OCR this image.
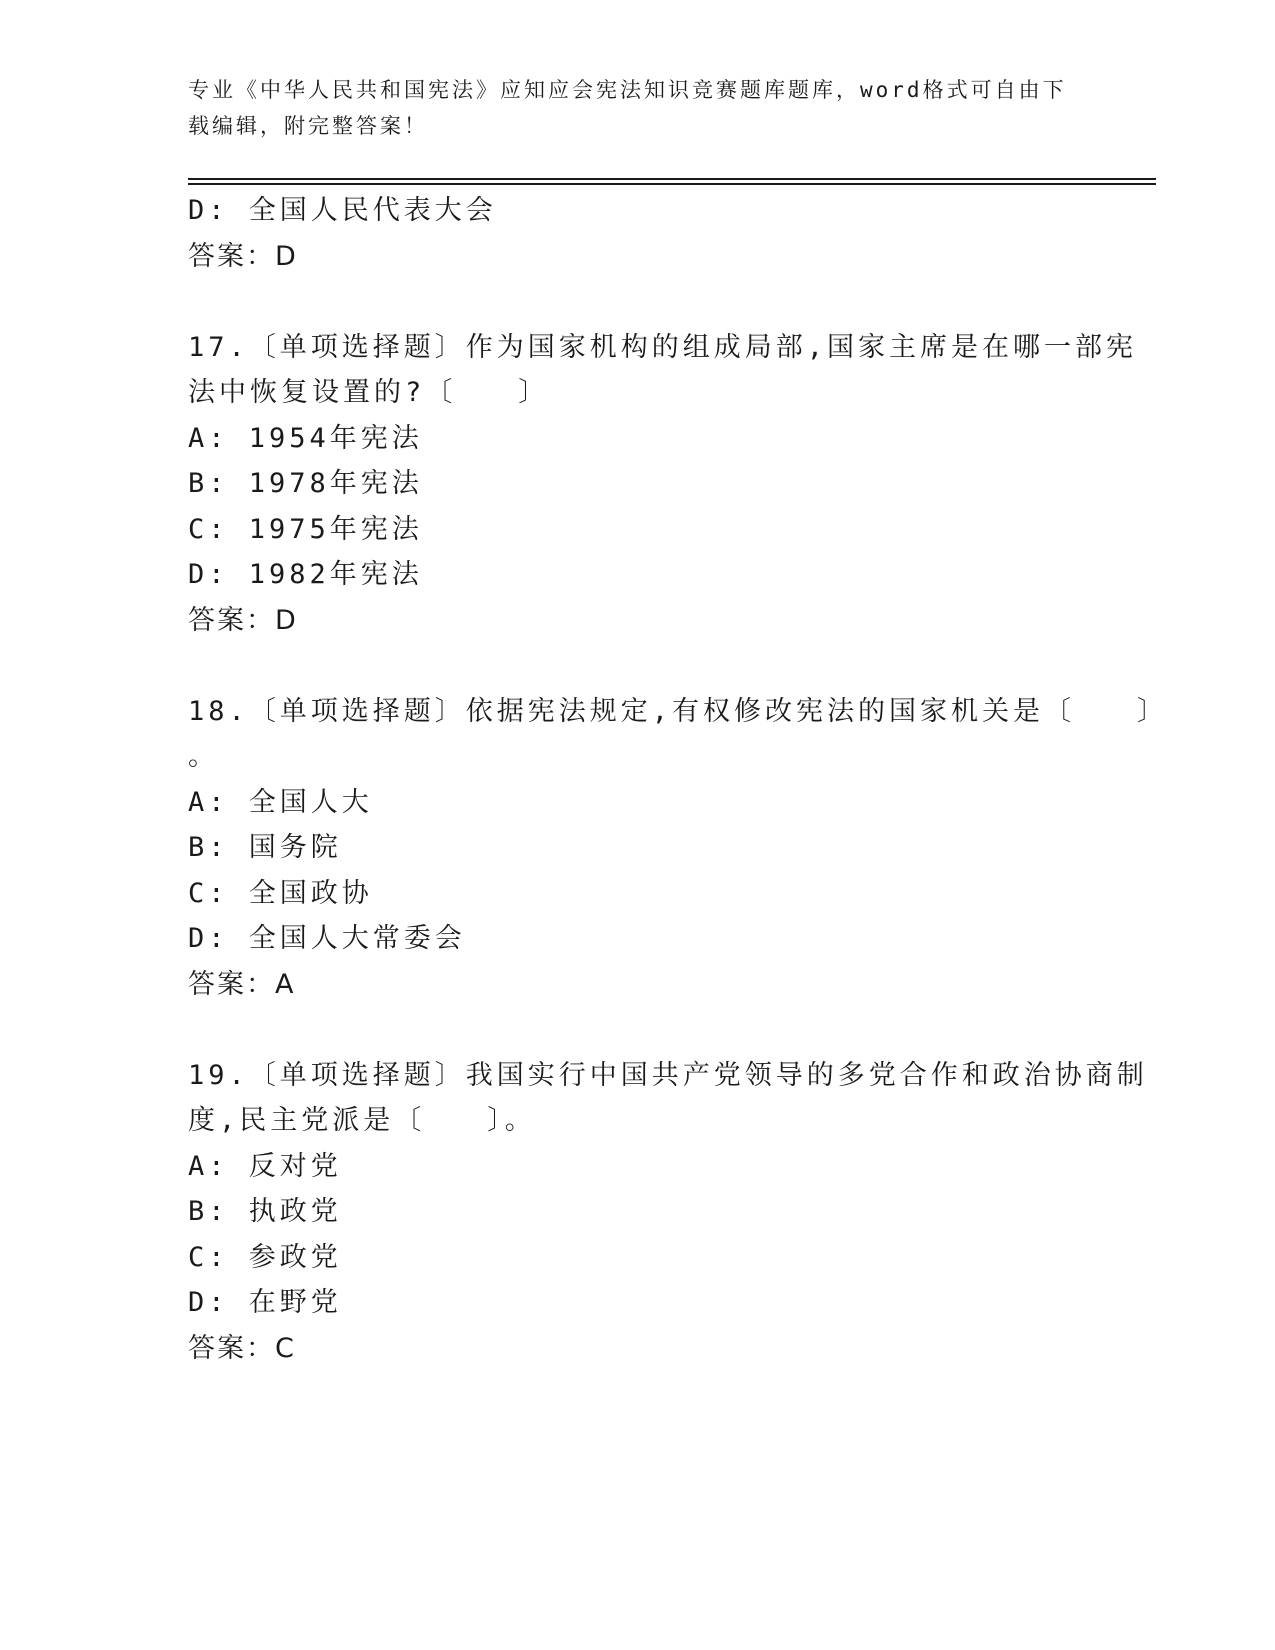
专业《中华人民共和国宪法》应知应会宪法知识竞赛题库题库，word格式可自由下载编辑，附完整答案！
D: 全国人民代表大会
答案：D
17.〔单项选择题〕作为国家机构的组成局部,国家主席是在哪一部宪
法中恢复设置的?〔　　〕
A: 1954年宪法
B: 1978年宪法
C: 1975年宪法
D: 1982年宪法
答案：D
18.〔单项选择题〕依据宪法规定,有权修改宪法的国家机关是〔　　〕
。
A: 全国人大
B: 国务院
C: 全国政协
D: 全国人大常委会
答案：A
19.〔单项选择题〕我国实行中国共产党领导的多党合作和政治协商制
度,民主党派是〔　　〕。
A: 反对党
B: 执政党
C: 参政党
D: 在野党
答案：C
